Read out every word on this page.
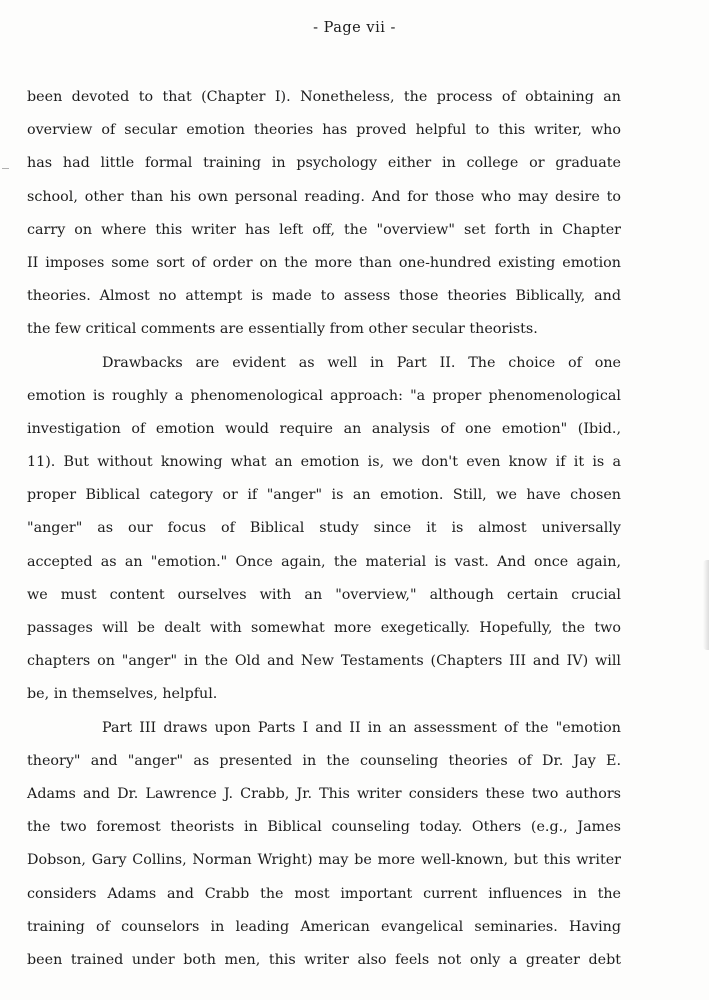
- Page vii -
been devoted to that (Chapter I). Nonetheless, the process of obtaining an
overview of secular emotion theories has proved helpful to this writer, who
has had little formal training in psychology either in college or graduate
school, other than his own personal reading. And for those who may desire to
carry on where this writer has left off, the "overview" set forth in Chapter
II imposes some sort of order on the more than one-hundred existing emotion
theories. Almost no attempt is made to assess those theories Biblically, and
the few critical comments are essentially from other secular theorists.
Drawbacks are evident as well in Part II. The choice of one
emotion is roughly a phenomenological approach: "a proper phenomenological
investigation of emotion would require an analysis of one emotion" (Ibid.,
11). But without knowing what an emotion is, we don't even know if it is a
proper Biblical category or if "anger" is an emotion. Still, we have chosen
"anger" as our focus of Biblical study since it is almost universally
accepted as an "emotion." Once again, the material is vast. And once again,
we must content ourselves with an "overview," although certain crucial
passages will be dealt with somewhat more exegetically. Hopefully, the two
chapters on "anger" in the Old and New Testaments (Chapters III and IV) will
be, in themselves, helpful.
Part III draws upon Parts I and II in an assessment of the "emotion
theory" and "anger" as presented in the counseling theories of Dr. Jay E.
Adams and Dr. Lawrence J. Crabb, Jr. This writer considers these two authors
the two foremost theorists in Biblical counseling today. Others (e.g., James
Dobson, Gary Collins, Norman Wright) may be more well-known, but this writer
considers Adams and Crabb the most important current influences in the
training of counselors in leading American evangelical seminaries. Having
been trained under both men, this writer also feels not only a greater debt
